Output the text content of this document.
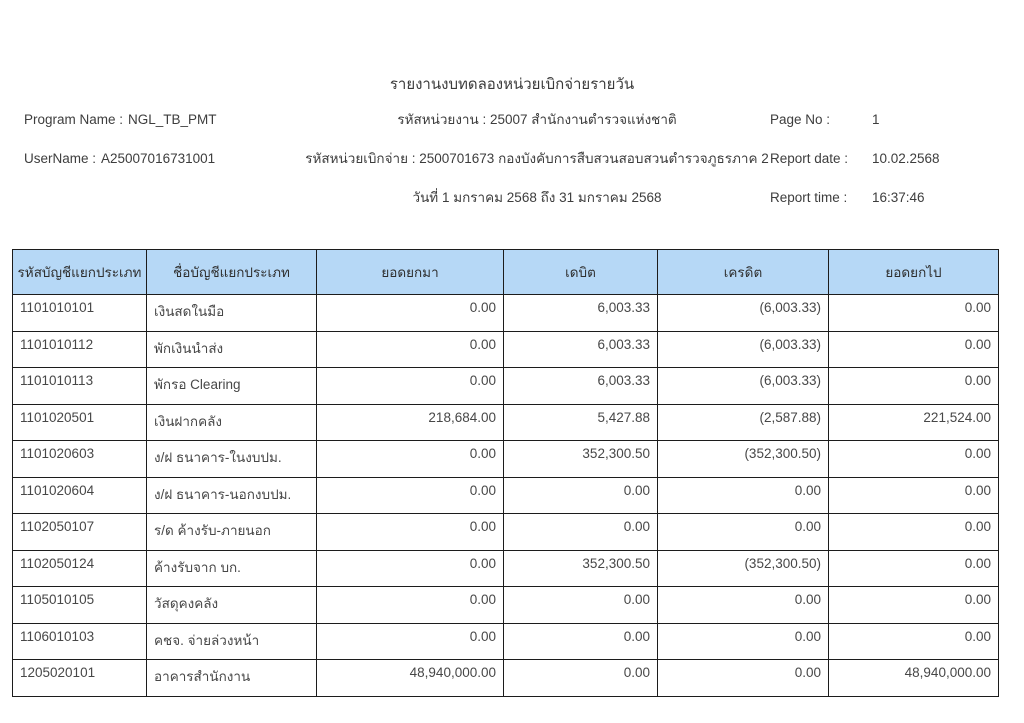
รายงานงบทดลองหน่วยเบิกจ่ายรายวัน
Program Name : NGL_TB_PMT	รหัสหน่วยงาน : 25007 สำนักงานตำรวจแห่งชาติ	Page No :	1
UserName : A25007016731001	รหัสหน่วยเบิกจ่าย : 2500701673 กองบังคับการสืบสวนสอบสวนตำรวจภูธรภาค 2 Report date : 10.02.2568
วันที่ 1 มกราคม 2568 ถึง 31 มกราคม 2568	Report time : 16:37:46
รหัสบัญชีแยกประเภท	ชื่อบัญชีแยกประเภท	ยอดยกมา	เดบิต	เครดิต	ยอดยกไป
1101010101	เงินสดในมือ	0.00	6,003.33	(6,003.33)	0.00
1101010112	พักเงินนำส่ง	0.00	6,003.33	(6,003.33)	0.00
1101010113	พักรอ Clearing	0.00	6,003.33	(6,003.33)	0.00
1101020501	เงินฝากคลัง	218,684.00	5,427.88	(2,587.88)	221,524.00
1101020603	ง/ฝ ธนาคาร-ในงบปม.	0.00	352,300.50	(352,300.50)	0.00
1101020604	ง/ฝ ธนาคาร-นอกงบปม.	0.00	0.00	0.00	0.00
1102050107	ร/ด ค้างรับ-ภายนอก	0.00	0.00	0.00	0.00
1102050124	ค้างรับจาก บก.	0.00	352,300.50	(352,300.50)	0.00
1105010105	วัสดุคงคลัง	0.00	0.00	0.00	0.00
1106010103	คชจ. จ่ายล่วงหน้า	0.00	0.00	0.00	0.00
1205020101	อาคารสำนักงาน	48,940,000.00	0.00	0.00	48,940,000.00
